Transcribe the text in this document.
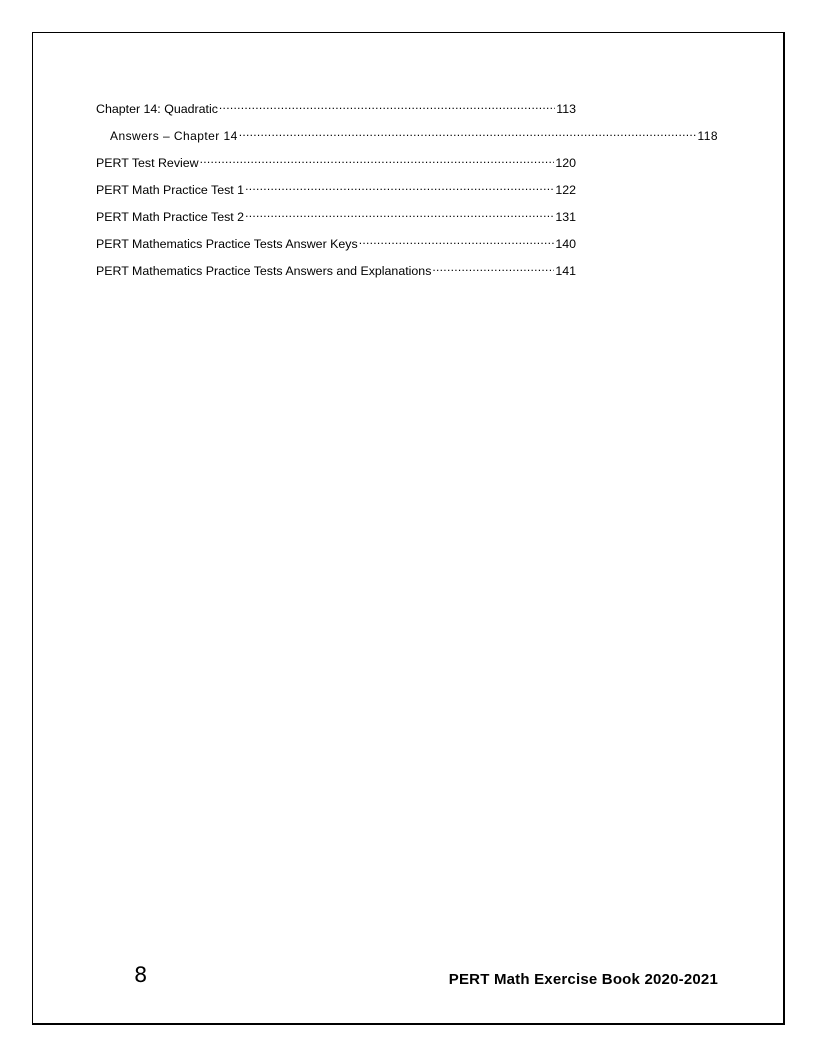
Chapter 14: Quadratic .....	113
Answers – Chapter 14 .....	118
PERT Test Review .....	120
PERT Math Practice Test 1 .....	122
PERT Math Practice Test 2 .....	131
PERT Mathematics Practice Tests Answer Keys .....	140
PERT Mathematics Practice Tests Answers and Explanations .....	141
8	PERT Math Exercise Book 2020-2021
